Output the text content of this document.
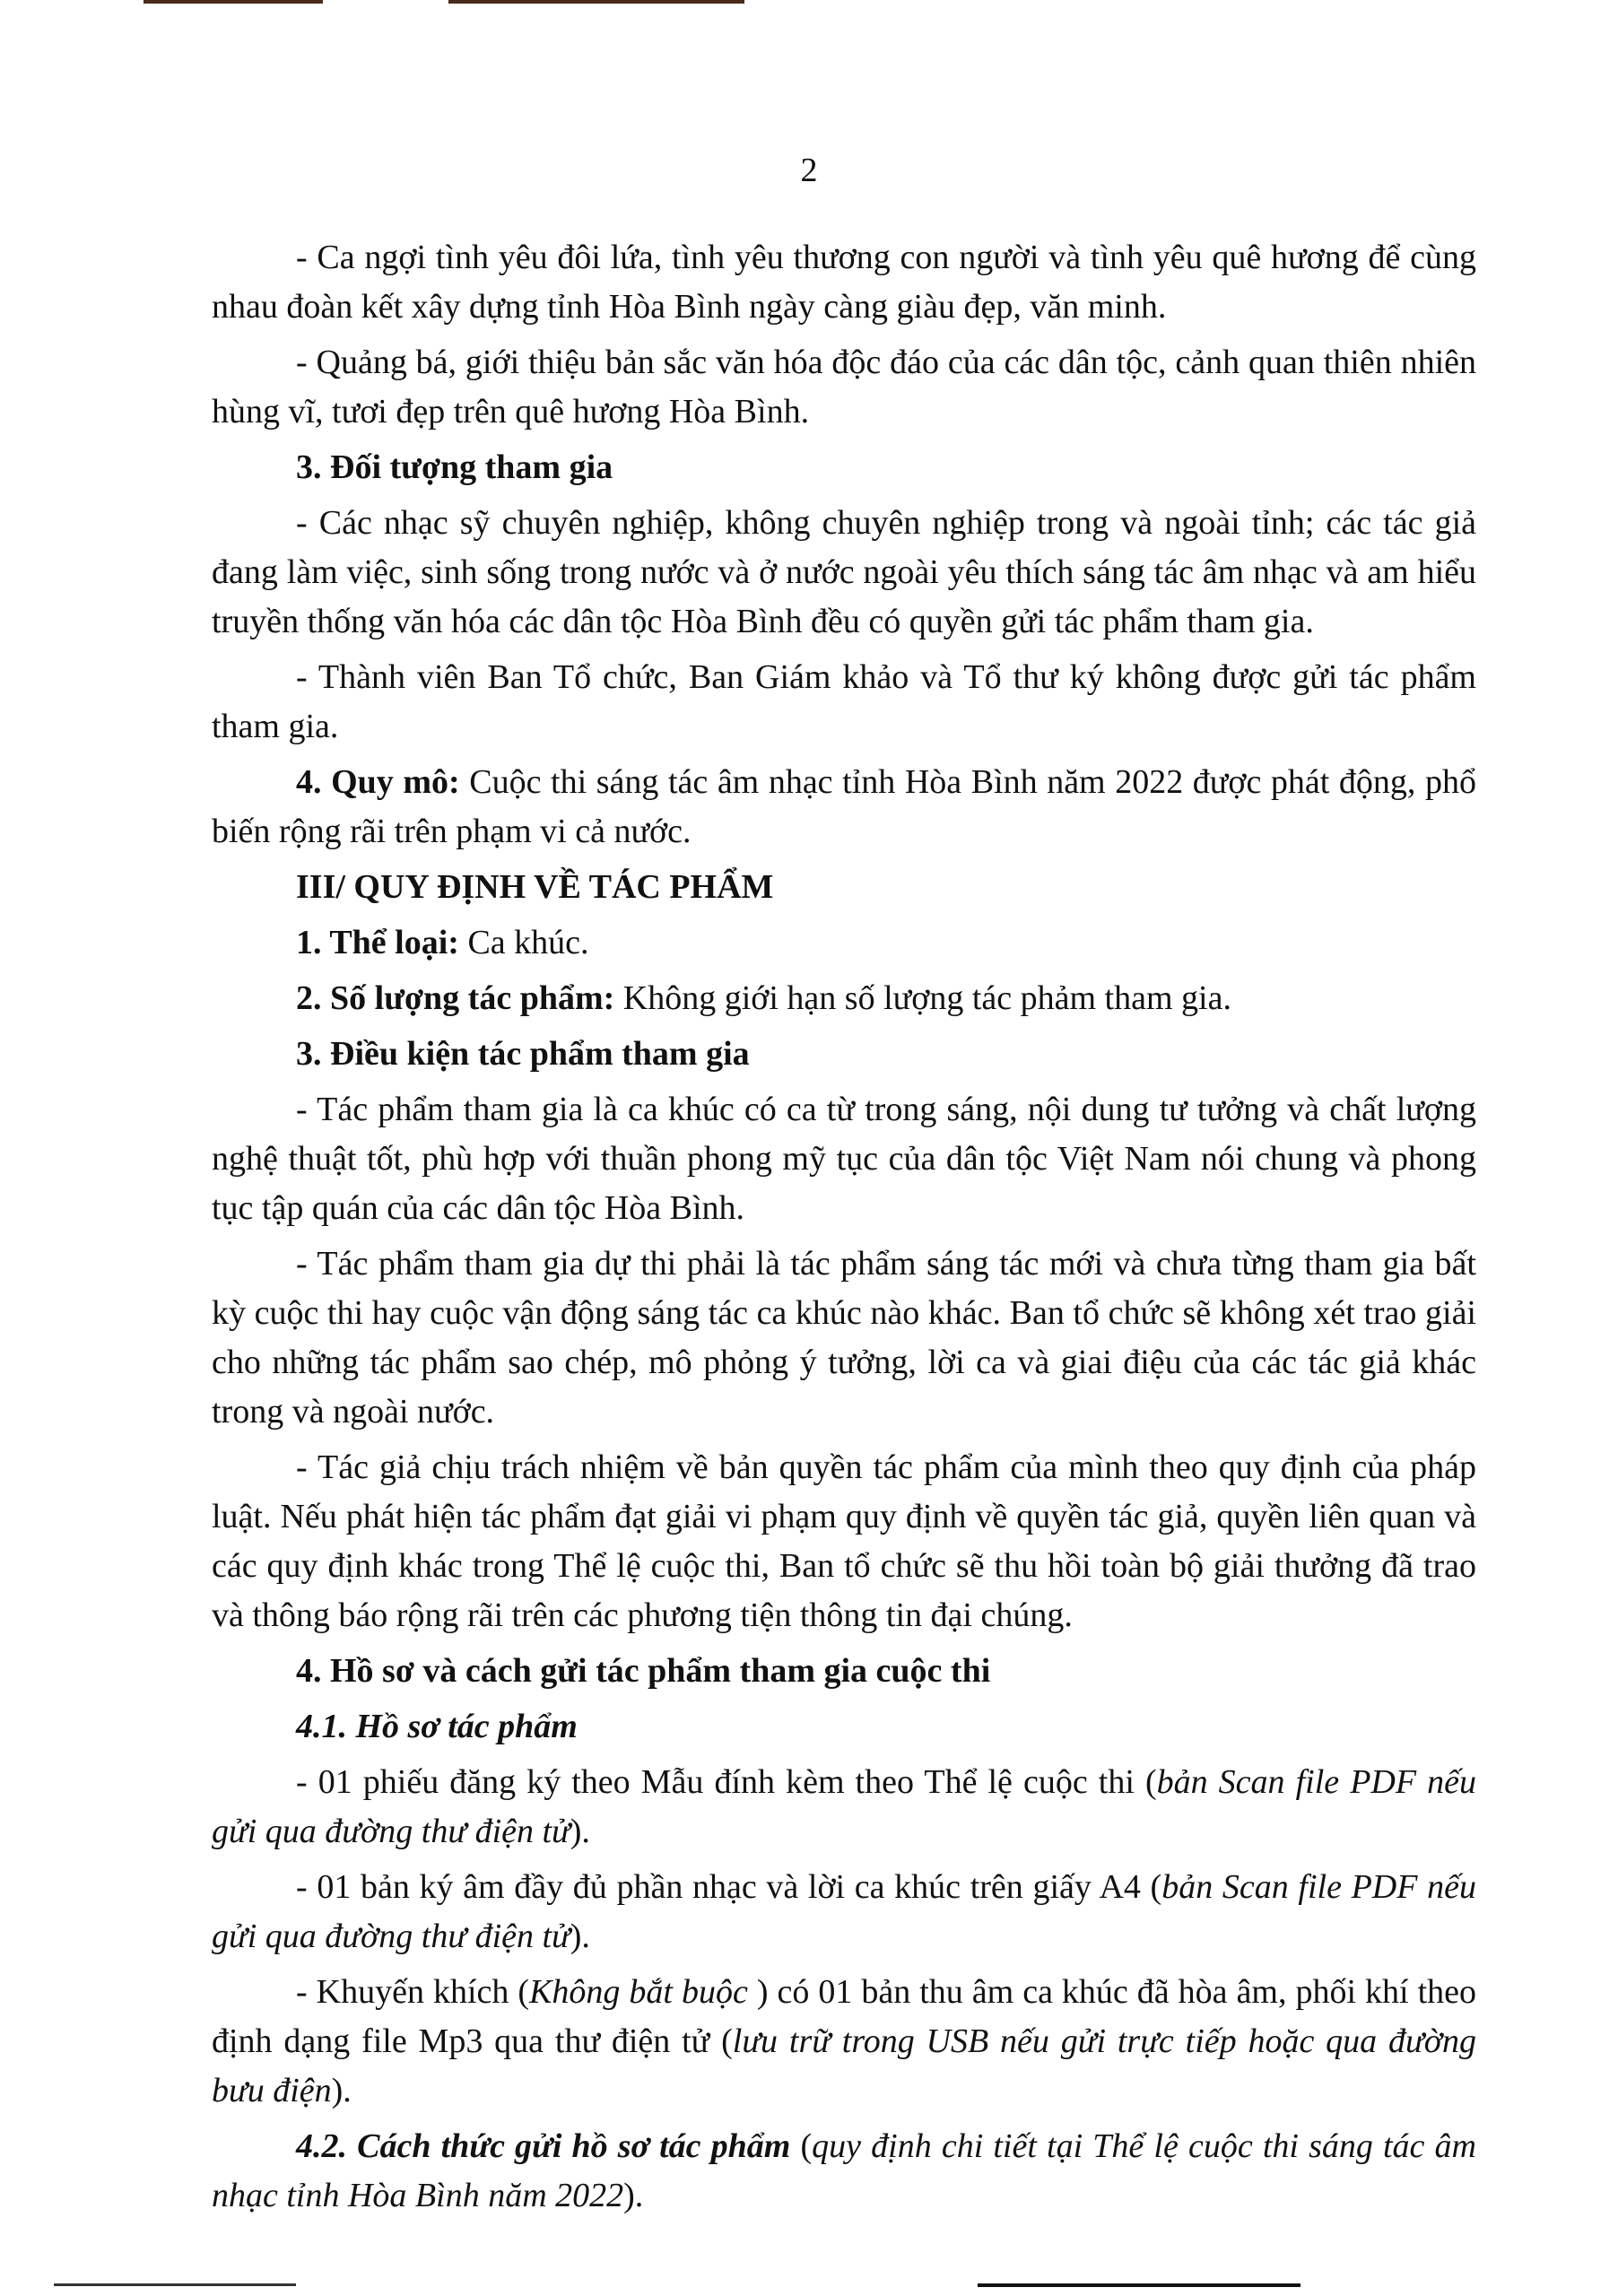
2

- Ca ngợi tình yêu đôi lứa, tình yêu thương con người và tình yêu quê hương để cùng nhau đoàn kết xây dựng tỉnh Hòa Bình ngày càng giàu đẹp, văn minh.

- Quảng bá, giới thiệu bản sắc văn hóa độc đáo của các dân tộc, cảnh quan thiên nhiên hùng vĩ, tươi đẹp trên quê hương Hòa Bình.

3. Đối tượng tham gia

- Các nhạc sỹ chuyên nghiệp, không chuyên nghiệp trong và ngoài tỉnh; các tác giả đang làm việc, sinh sống trong nước và ở nước ngoài yêu thích sáng tác âm nhạc và am hiểu truyền thống văn hóa các dân tộc Hòa Bình đều có quyền gửi tác phẩm tham gia.

- Thành viên Ban Tổ chức, Ban Giám khảo và Tổ thư ký không được gửi tác phẩm tham gia.

4. Quy mô: Cuộc thi sáng tác âm nhạc tỉnh Hòa Bình năm 2022 được phát động, phổ biến rộng rãi trên phạm vi cả nước.

III/ QUY ĐỊNH VỀ TÁC PHẨM

1. Thể loại: Ca khúc.

2. Số lượng tác phẩm: Không giới hạn số lượng tác phảm tham gia.

3. Điều kiện tác phẩm tham gia

- Tác phẩm tham gia là ca khúc có ca từ trong sáng, nội dung tư tưởng và chất lượng nghệ thuật tốt, phù hợp với thuần phong mỹ tục của dân tộc Việt Nam nói chung và phong tục tập quán của các dân tộc Hòa Bình.

- Tác phẩm tham gia dự thi phải là tác phẩm sáng tác mới và chưa từng tham gia bất kỳ cuộc thi hay cuộc vận động sáng tác ca khúc nào khác. Ban tổ chức sẽ không xét trao giải cho những tác phẩm sao chép, mô phỏng ý tưởng, lời ca và giai điệu của các tác giả khác trong và ngoài nước.

- Tác giả chịu trách nhiệm về bản quyền tác phẩm của mình theo quy định của pháp luật. Nếu phát hiện tác phẩm đạt giải vi phạm quy định về quyền tác giả, quyền liên quan và các quy định khác trong Thể lệ cuộc thi, Ban tổ chức sẽ thu hồi toàn bộ giải thưởng đã trao và thông báo rộng rãi trên các phương tiện thông tin đại chúng.

4. Hồ sơ và cách gửi tác phẩm tham gia cuộc thi

4.1. Hồ sơ tác phẩm

- 01 phiếu đăng ký theo Mẫu đính kèm theo Thể lệ cuộc thi (bản Scan file PDF nếu gửi qua đường thư điện tử).

- 01 bản ký âm đầy đủ phần nhạc và lời ca khúc trên giấy A4 (bản Scan file PDF nếu gửi qua đường thư điện tử).

- Khuyến khích (Không bắt buộc ) có 01 bản thu âm ca khúc đã hòa âm, phối khí theo định dạng file Mp3 qua thư điện tử (lưu trữ trong USB nếu gửi trực tiếp hoặc qua đường bưu điện).

4.2. Cách thức gửi hồ sơ tác phẩm (quy định chi tiết tại Thể lệ cuộc thi sáng tác âm nhạc tỉnh Hòa Bình năm 2022).
